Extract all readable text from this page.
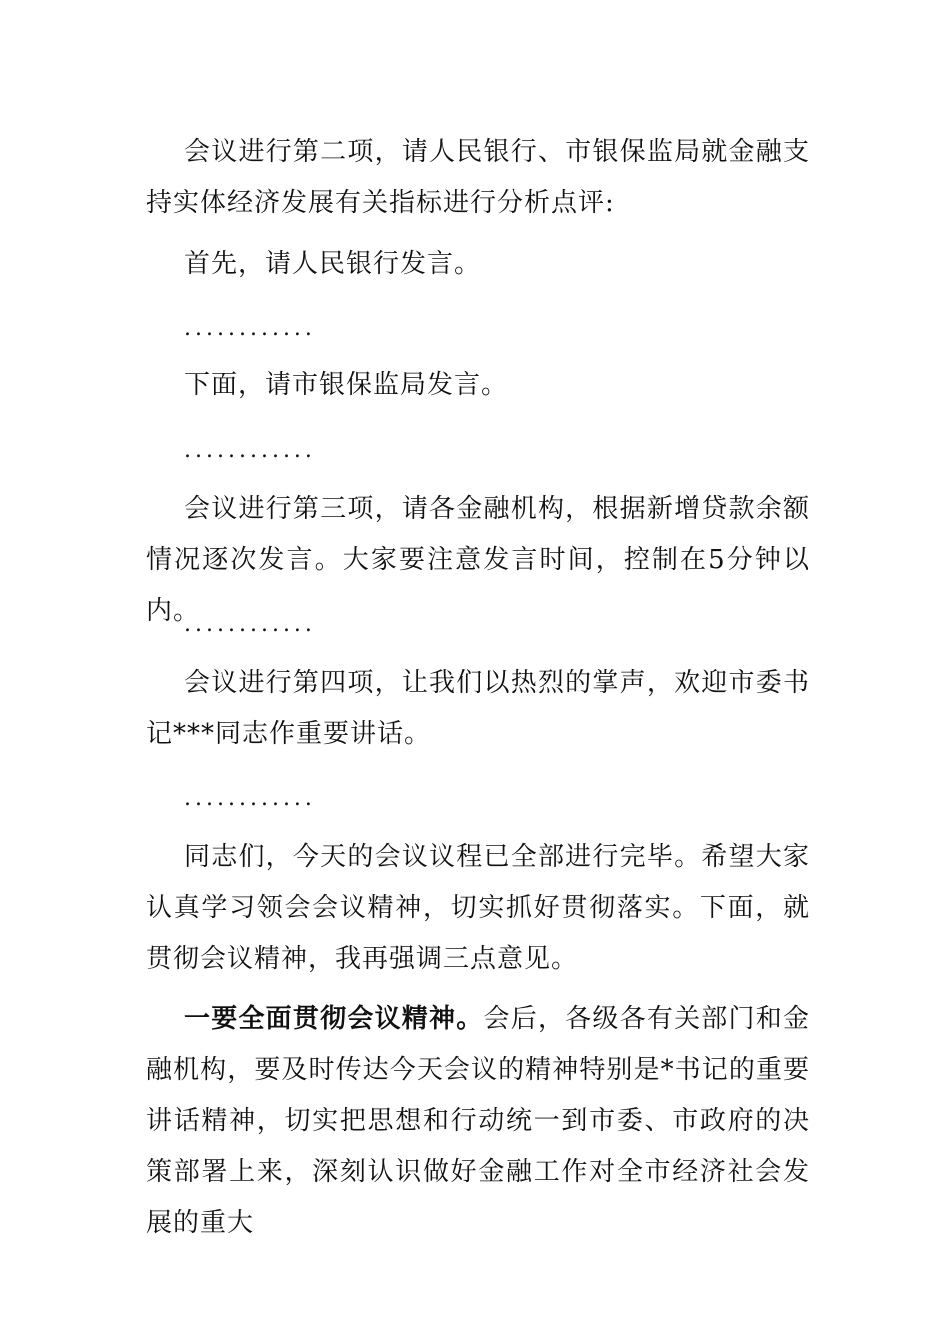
会议进行第二项，请人民银行、市银保监局就金融支持实体经济发展有关指标进行分析点评:

首先，请人民银行发言。

............

下面，请市银保监局发言。

............

会议进行第三项，请各金融机构，根据新增贷款余额情况逐次发言。大家要注意发言时间，控制在5分钟以内。

............

会议进行第四项，让我们以热烈的掌声，欢迎市委书记***同志作重要讲话。

............

同志们，今天的会议议程已全部进行完毕。希望大家认真学习领会会议精神，切实抓好贯彻落实。下面，就贯彻会议精神，我再强调三点意见。

一要全面贯彻会议精神。会后，各级各有关部门和金融机构，要及时传达今天会议的精神特别是*书记的重要讲话精神，切实把思想和行动统一到市委、市政府的决策部署上来，深刻认识做好金融工作对全市经济社会发展的重大
